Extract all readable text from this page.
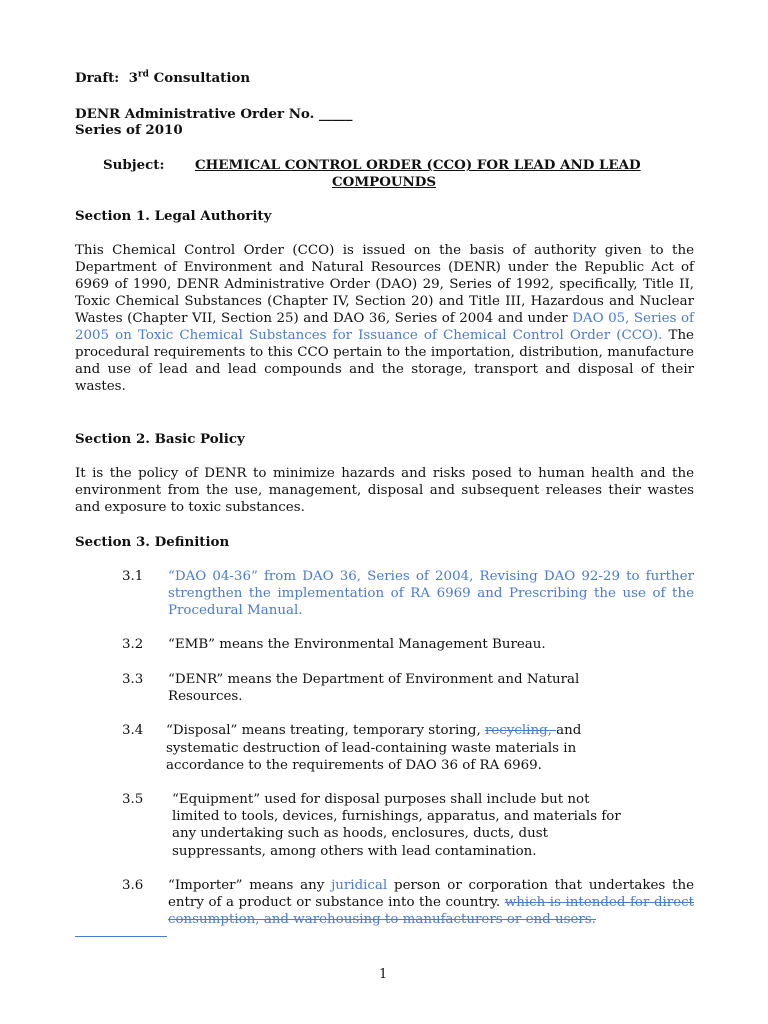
Draft: 3rd Consultation
DENR Administrative Order No. _____
Series of 2010
Subject: CHEMICAL CONTROL ORDER (CCO) FOR LEAD AND LEAD
COMPOUNDS
Section 1. Legal Authority
This Chemical Control Order (CCO) is issued on the basis of authority given to the Department of Environment and Natural Resources (DENR) under the Republic Act of 6969 of 1990, DENR Administrative Order (DAO) 29, Series of 1992, specifically, Title II, Toxic Chemical Substances (Chapter IV, Section 20) and Title III, Hazardous and Nuclear Wastes (Chapter VII, Section 25) and DAO 36, Series of 2004 and under DAO 05, Series of 2005 on Toxic Chemical Substances for Issuance of Chemical Control Order (CCO). The procedural requirements to this CCO pertain to the importation, distribution, manufacture and use of lead and lead compounds and the storage, transport and disposal of their wastes.
Section 2. Basic Policy
It is the policy of DENR to minimize hazards and risks posed to human health and the environment from the use, management, disposal and subsequent releases their wastes and exposure to toxic substances.
Section 3. Definition
3.1 “DAO 04-36” from DAO 36, Series of 2004, Revising DAO 92-29 to further strengthen the implementation of RA 6969 and Prescribing the use of the Procedural Manual.
3.2 “EMB” means the Environmental Management Bureau.
3.3 “DENR” means the Department of Environment and Natural
Resources.
3.4 “Disposal” means treating, temporary storing, recycling, and
systematic destruction of lead-containing waste materials in
accordance to the requirements of DAO 36 of RA 6969.
3.5 “Equipment” used for disposal purposes shall include but not
limited to tools, devices, furnishings, apparatus, and materials for
any undertaking such as hoods, enclosures, ducts, dust
suppressants, among others with lead contamination.
3.6 “Importer” means any juridical person or corporation that undertakes the entry of a product or substance into the country. which is intended for direct consumption, and warehousing to manufacturers or end users.
1
